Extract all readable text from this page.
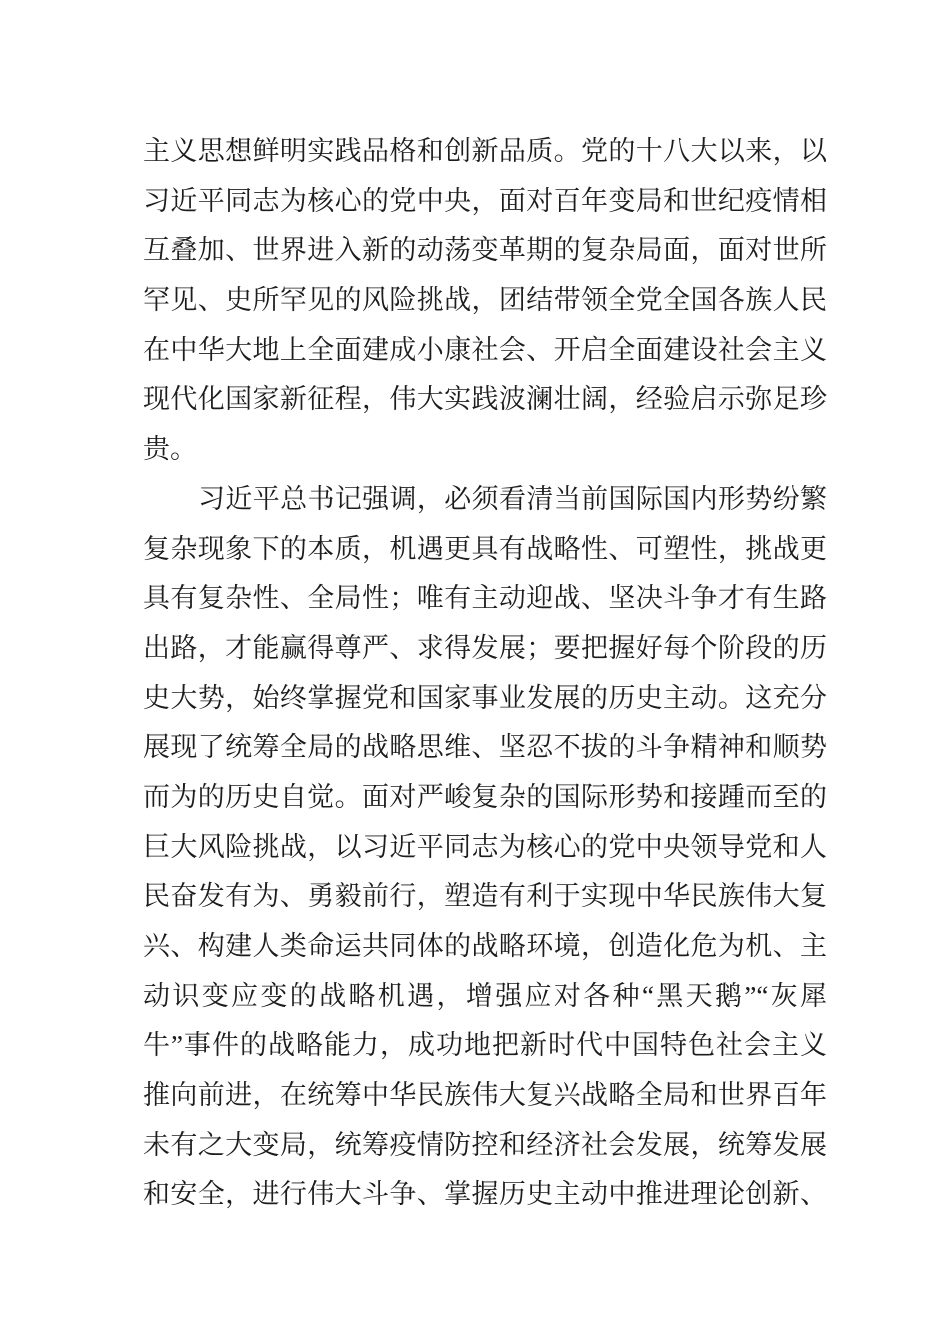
主义思想鲜明实践品格和创新品质。党的十八大以来，以
习近平同志为核心的党中央，面对百年变局和世纪疫情相
互叠加、世界进入新的动荡变革期的复杂局面，面对世所
罕见、史所罕见的风险挑战，团结带领全党全国各族人民
在中华大地上全面建成小康社会、开启全面建设社会主义
现代化国家新征程，伟大实践波澜壮阔，经验启示弥足珍
贵。
习近平总书记强调，必须看清当前国际国内形势纷繁
复杂现象下的本质，机遇更具有战略性、可塑性，挑战更
具有复杂性、全局性；唯有主动迎战、坚决斗争才有生路
出路，才能赢得尊严、求得发展；要把握好每个阶段的历
史大势，始终掌握党和国家事业发展的历史主动。这充分
展现了统筹全局的战略思维、坚忍不拔的斗争精神和顺势
而为的历史自觉。面对严峻复杂的国际形势和接踵而至的
巨大风险挑战，以习近平同志为核心的党中央领导党和人
民奋发有为、勇毅前行，塑造有利于实现中华民族伟大复
兴、构建人类命运共同体的战略环境，创造化危为机、主
动识变应变的战略机遇，增强应对各种“黑天鹅”“灰犀
牛”事件的战略能力，成功地把新时代中国特色社会主义
推向前进，在统筹中华民族伟大复兴战略全局和世界百年
未有之大变局，统筹疫情防控和经济社会发展，统筹发展
和安全，进行伟大斗争、掌握历史主动中推进理论创新、
